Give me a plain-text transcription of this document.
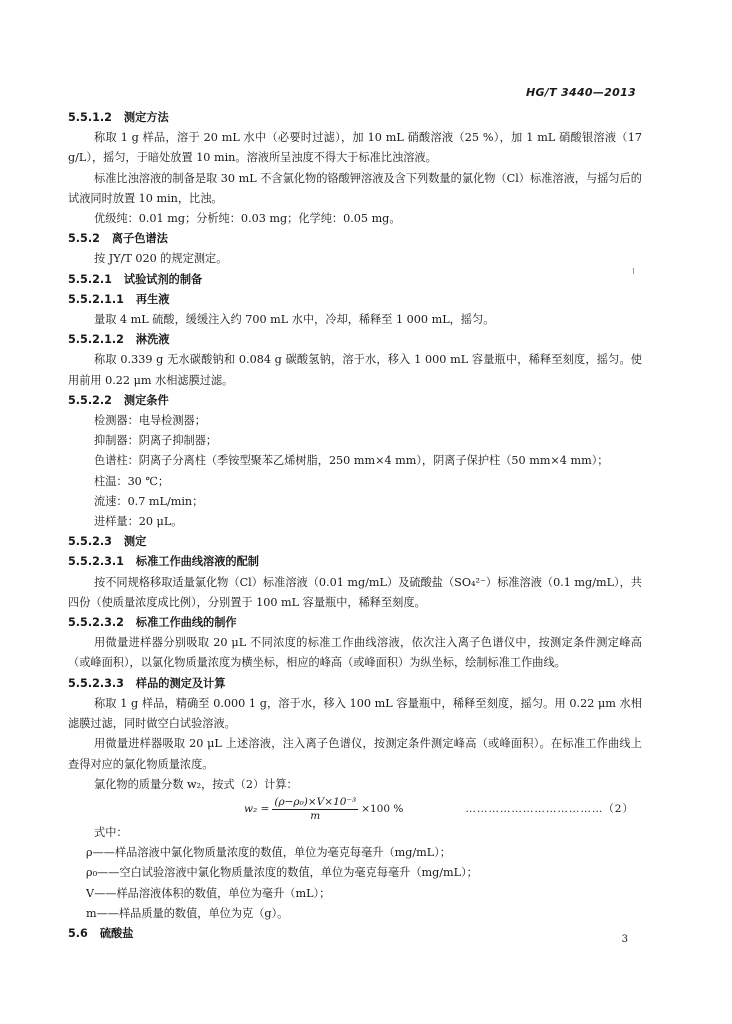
HG/T 3440—2013
5.5.1.2 测定方法
称取 1 g 样品，溶于 20 mL 水中（必要时过滤），加 10 mL 硝酸溶液（25 %），加 1 mL 硝酸银溶液（17 g/L），摇匀，于暗处放置 10 min。溶液所呈浊度不得大于标准比浊溶液。
标准比浊溶液的制备是取 30 mL 不含氯化物的铬酸钾溶液及含下列数量的氯化物（Cl）标准溶液，与摇匀后的试液同时放置 10 min，比浊。
优级纯：0.01 mg；分析纯：0.03 mg；化学纯：0.05 mg。
5.5.2 离子色谱法
按 JY/T 020 的规定测定。
5.5.2.1 试验试剂的制备
5.5.2.1.1 再生液
量取 4 mL 硫酸，缓缓注入约 700 mL 水中，冷却，稀释至 1 000 mL，摇匀。
5.5.2.1.2 淋洗液
称取 0.339 g 无水碳酸钠和 0.084 g 碳酸氢钠，溶于水，移入 1 000 mL 容量瓶中，稀释至刻度，摇匀。使用前用 0.22 μm 水相滤膜过滤。
5.5.2.2 测定条件
检测器：电导检测器；
抑制器：阴离子抑制器；
色谱柱：阴离子分离柱（季铵型聚苯乙烯树脂，250 mm×4 mm），阴离子保护柱（50 mm×4 mm）；
柱温：30 ℃；
流速：0.7 mL/min；
进样量：20 μL。
5.5.2.3 测定
5.5.2.3.1 标准工作曲线溶液的配制
按不同规格移取适量氯化物（Cl）标准溶液（0.01 mg/mL）及硫酸盐（SO₄²⁻）标准溶液（0.1 mg/mL），共四份（使质量浓度成比例），分别置于 100 mL 容量瓶中，稀释至刻度。
5.5.2.3.2 标准工作曲线的制作
用微量进样器分别吸取 20 μL 不同浓度的标准工作曲线溶液，依次注入离子色谱仪中，按测定条件测定峰高（或峰面积），以氯化物质量浓度为横坐标，相应的峰高（或峰面积）为纵坐标，绘制标准工作曲线。
5.5.2.3.3 样品的测定及计算
称取 1 g 样品，精确至 0.000 1 g，溶于水，移入 100 mL 容量瓶中，稀释至刻度，摇匀。用 0.22 μm 水相滤膜过滤，同时做空白试验溶液。
用微量进样器吸取 20 μL 上述溶液，注入离子色谱仪，按测定条件测定峰高（或峰面积）。在标准工作曲线上查得对应的氯化物质量浓度。
氯化物的质量分数 w₂，按式（2）计算：
$w_2 = \frac{\text{(ρ−ρ₀)×V×10⁻³}}{m} \times 100$ %	………………………………（2）
式中：
ρ——样品溶液中氯化物质量浓度的数值，单位为毫克每毫升（mg/mL）；
ρ₀——空白试验溶液中氯化物质量浓度的数值，单位为毫克每毫升（mg/mL）；
V——样品溶液体积的数值，单位为毫升（mL）；
m——样品质量的数值，单位为克（g）。
5.6 硫酸盐	3
